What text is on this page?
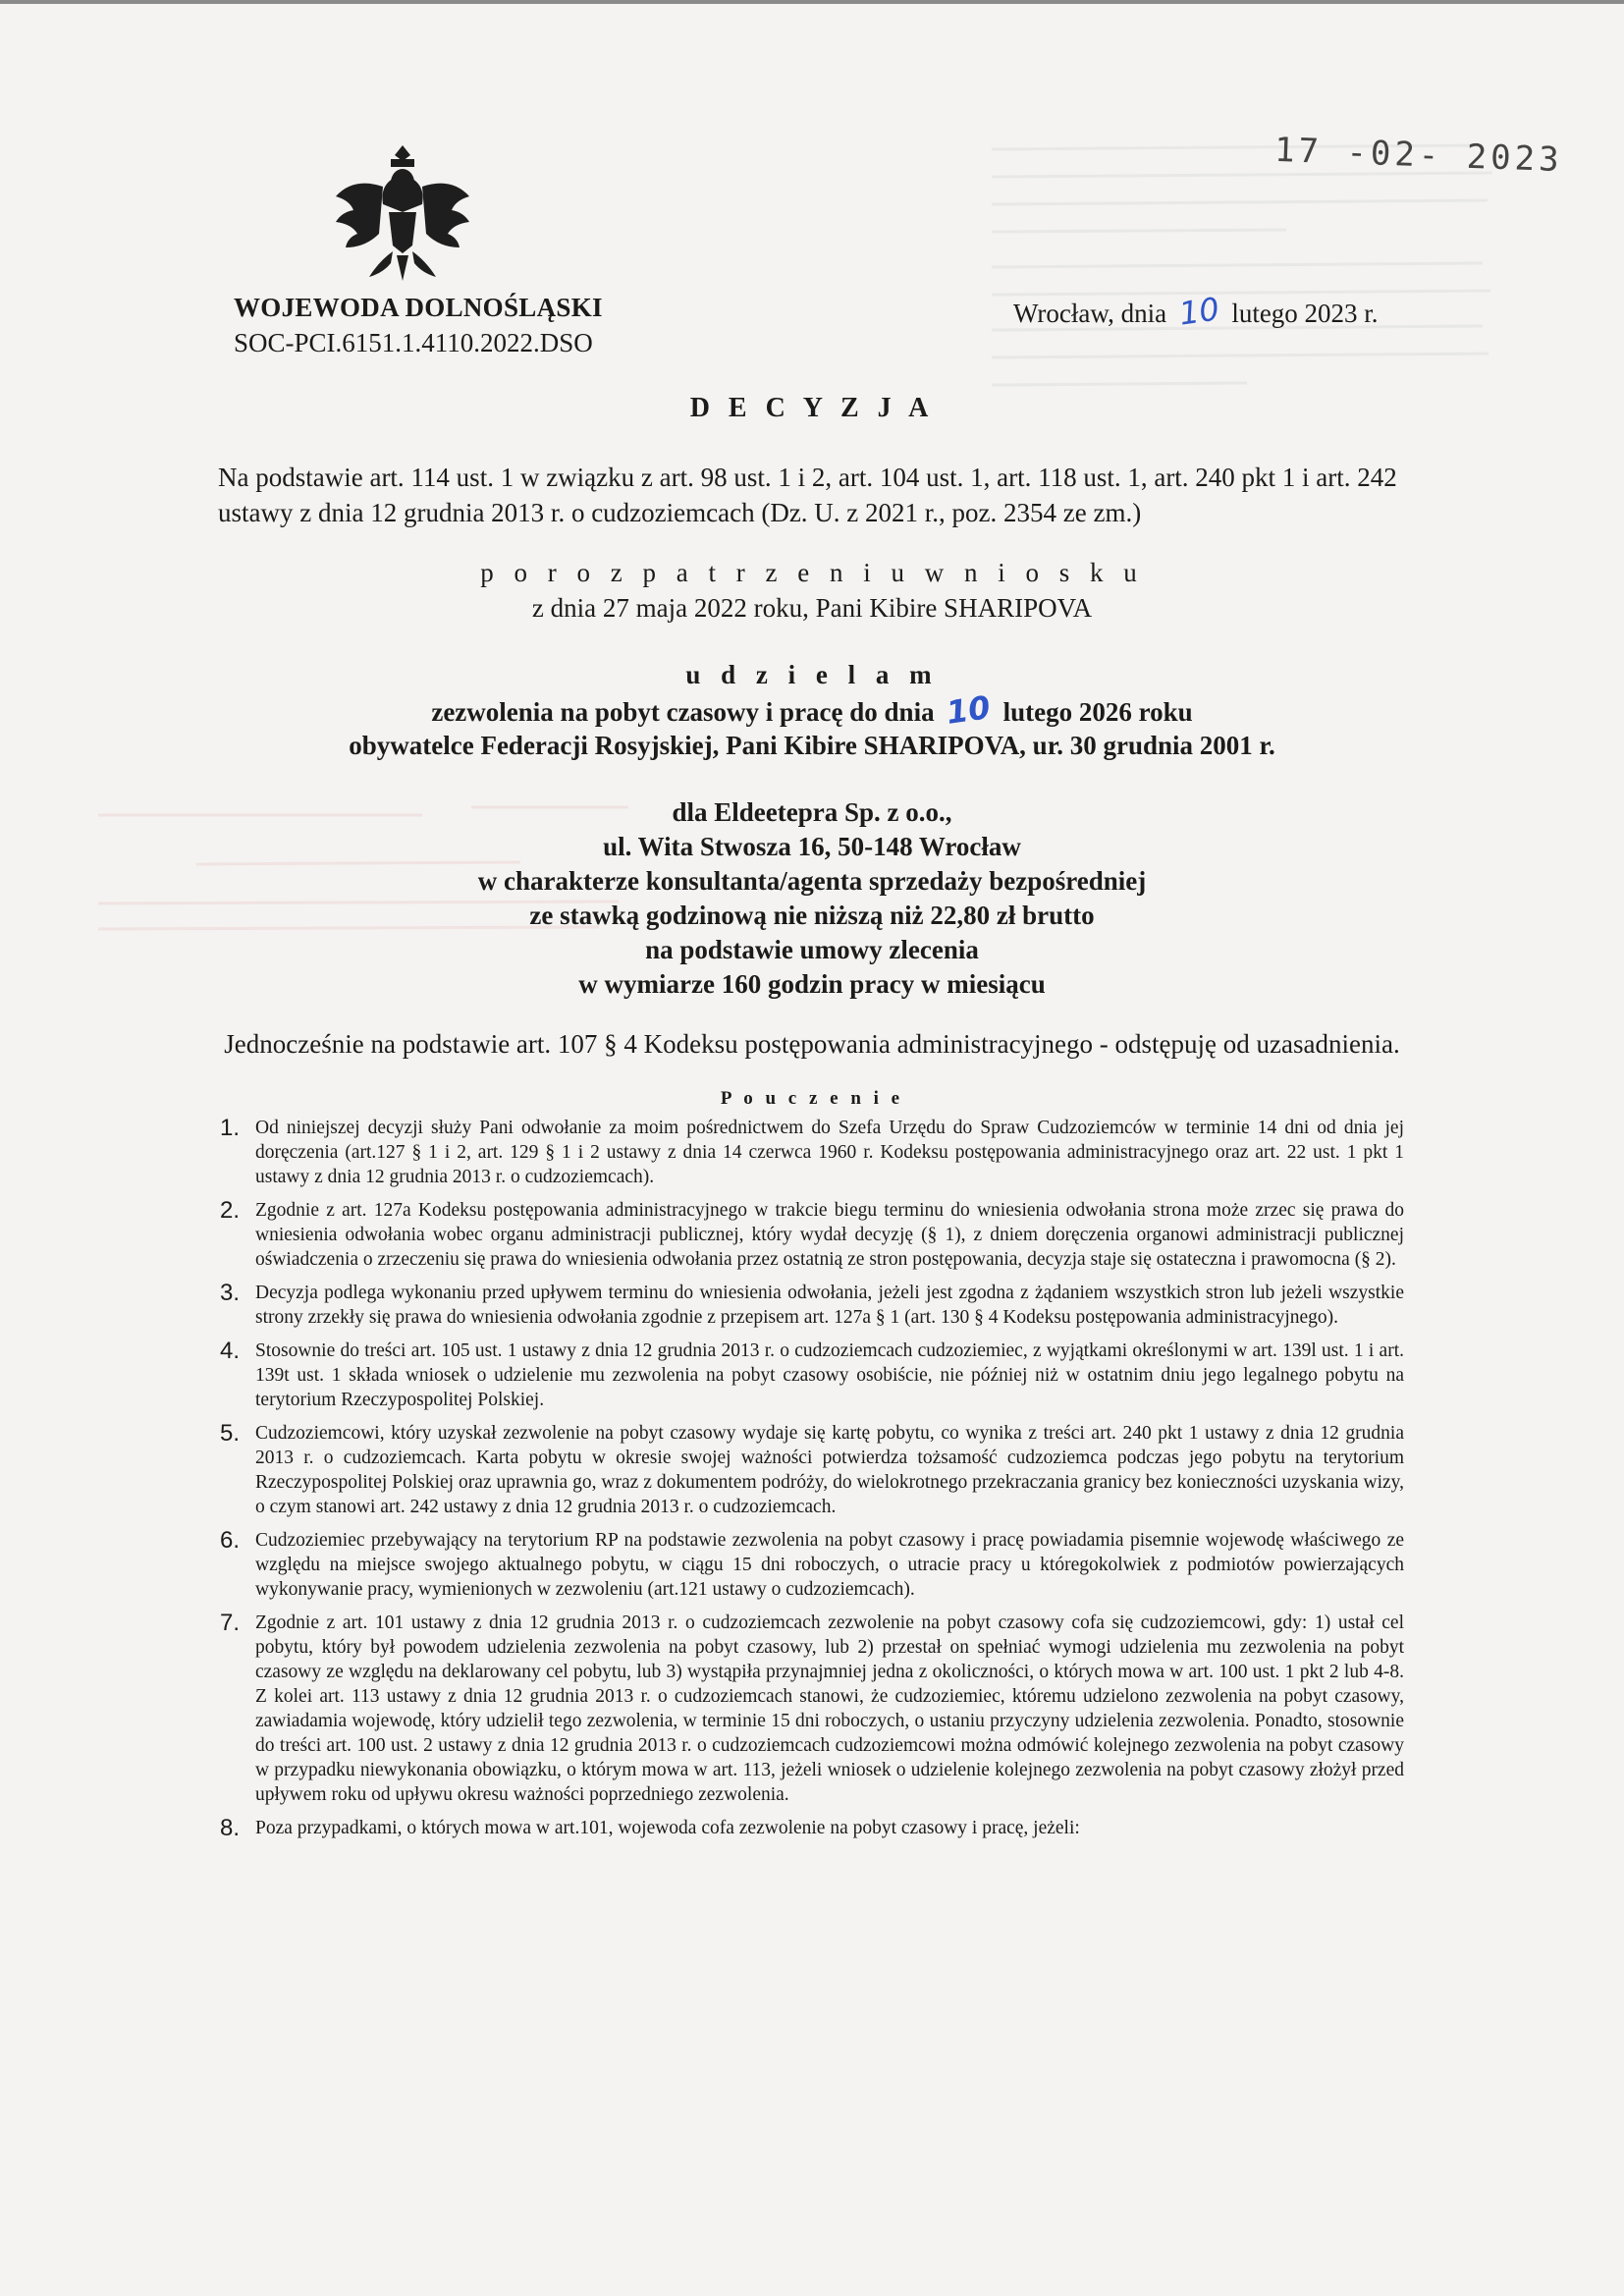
17 -02- 2023
WOJEWODA DOLNOŚLĄSKI
SOC-PCI.6151.1.4110.2022.DSO
Wrocław, dnia 10 lutego 2023 r.
D E C Y Z J A
Na podstawie art. 114 ust. 1 w związku z art. 98 ust. 1 i 2, art. 104 ust. 1, art. 118 ust. 1, art. 240 pkt 1 i art. 242 ustawy z dnia 12 grudnia 2013 r. o cudzoziemcach (Dz. U. z 2021 r., poz. 2354 ze zm.)
p o r o z p a t r z e n i u w n i o s k u
z dnia 27 maja 2022 roku, Pani Kibire SHARIPOVA
u d z i e l a m
zezwolenia na pobyt czasowy i pracę do dnia 10 lutego 2026 roku
obywatelce Federacji Rosyjskiej, Pani Kibire SHARIPOVA, ur. 30 grudnia 2001 r.
dla Eldeetepra Sp. z o.o.,
ul. Wita Stwosza 16, 50-148 Wrocław
w charakterze konsultanta/agenta sprzedaży bezpośredniej
ze stawką godzinową nie niższą niż 22,80 zł brutto
na podstawie umowy zlecenia
w wymiarze 160 godzin pracy w miesiącu
Jednocześnie na podstawie art. 107 § 4 Kodeksu postępowania administracyjnego - odstępuję od uzasadnienia.
P o u c z e n i e
1. Od niniejszej decyzji służy Pani odwołanie za moim pośrednictwem do Szefa Urzędu do Spraw Cudzoziemców w terminie 14 dni od dnia jej doręczenia (art.127 § 1 i 2, art. 129 § 1 i 2 ustawy z dnia 14 czerwca 1960 r. Kodeksu postępowania administracyjnego oraz art. 22 ust. 1 pkt 1 ustawy z dnia 12 grudnia 2013 r. o cudzoziemcach).
2. Zgodnie z art. 127a Kodeksu postępowania administracyjnego w trakcie biegu terminu do wniesienia odwołania strona może zrzec się prawa do wniesienia odwołania wobec organu administracji publicznej, który wydał decyzję (§ 1), z dniem doręczenia organowi administracji publicznej oświadczenia o zrzeczeniu się prawa do wniesienia odwołania przez ostatnią ze stron postępowania, decyzja staje się ostateczna i prawomocna (§ 2).
3. Decyzja podlega wykonaniu przed upływem terminu do wniesienia odwołania, jeżeli jest zgodna z żądaniem wszystkich stron lub jeżeli wszystkie strony zrzekły się prawa do wniesienia odwołania zgodnie z przepisem art. 127a § 1 (art. 130 § 4 Kodeksu postępowania administracyjnego).
4. Stosownie do treści art. 105 ust. 1 ustawy z dnia 12 grudnia 2013 r. o cudzoziemcach cudzoziemiec, z wyjątkami określonymi w art. 139l ust. 1 i art. 139t ust. 1 składa wniosek o udzielenie mu zezwolenia na pobyt czasowy osobiście, nie później niż w ostatnim dniu jego legalnego pobytu na terytorium Rzeczypospolitej Polskiej.
5. Cudzoziemcowi, który uzyskał zezwolenie na pobyt czasowy wydaje się kartę pobytu, co wynika z treści art. 240 pkt 1 ustawy z dnia 12 grudnia 2013 r. o cudzoziemcach. Karta pobytu w okresie swojej ważności potwierdza tożsamość cudzoziemca podczas jego pobytu na terytorium Rzeczypospolitej Polskiej oraz uprawnia go, wraz z dokumentem podróży, do wielokrotnego przekraczania granicy bez konieczności uzyskania wizy, o czym stanowi art. 242 ustawy z dnia 12 grudnia 2013 r. o cudzoziemcach.
6. Cudzoziemiec przebywający na terytorium RP na podstawie zezwolenia na pobyt czasowy i pracę powiadamia pisemnie wojewodę właściwego ze względu na miejsce swojego aktualnego pobytu, w ciągu 15 dni roboczych, o utracie pracy u któregokolwiek z podmiotów powierzających wykonywanie pracy, wymienionych w zezwoleniu (art.121 ustawy o cudzoziemcach).
7. Zgodnie z art. 101 ustawy z dnia 12 grudnia 2013 r. o cudzoziemcach zezwolenie na pobyt czasowy cofa się cudzoziemcowi, gdy: 1) ustał cel pobytu, który był powodem udzielenia zezwolenia na pobyt czasowy, lub 2) przestał on spełniać wymogi udzielenia mu zezwolenia na pobyt czasowy ze względu na deklarowany cel pobytu, lub 3) wystąpiła przynajmniej jedna z okoliczności, o których mowa w art. 100 ust. 1 pkt 2 lub 4-8. Z kolei art. 113 ustawy z dnia 12 grudnia 2013 r. o cudzoziemcach stanowi, że cudzoziemiec, któremu udzielono zezwolenia na pobyt czasowy, zawiadamia wojewodę, który udzielił tego zezwolenia, w terminie 15 dni roboczych, o ustaniu przyczyny udzielenia zezwolenia. Ponadto, stosownie do treści art. 100 ust. 2 ustawy z dnia 12 grudnia 2013 r. o cudzoziemcach cudzoziemcowi można odmówić kolejnego zezwolenia na pobyt czasowy w przypadku niewykonania obowiązku, o którym mowa w art. 113, jeżeli wniosek o udzielenie kolejnego zezwolenia na pobyt czasowy złożył przed upływem roku od upływu okresu ważności poprzedniego zezwolenia.
8. Poza przypadkami, o których mowa w art.101, wojewoda cofa zezwolenie na pobyt czasowy i pracę, jeżeli:
